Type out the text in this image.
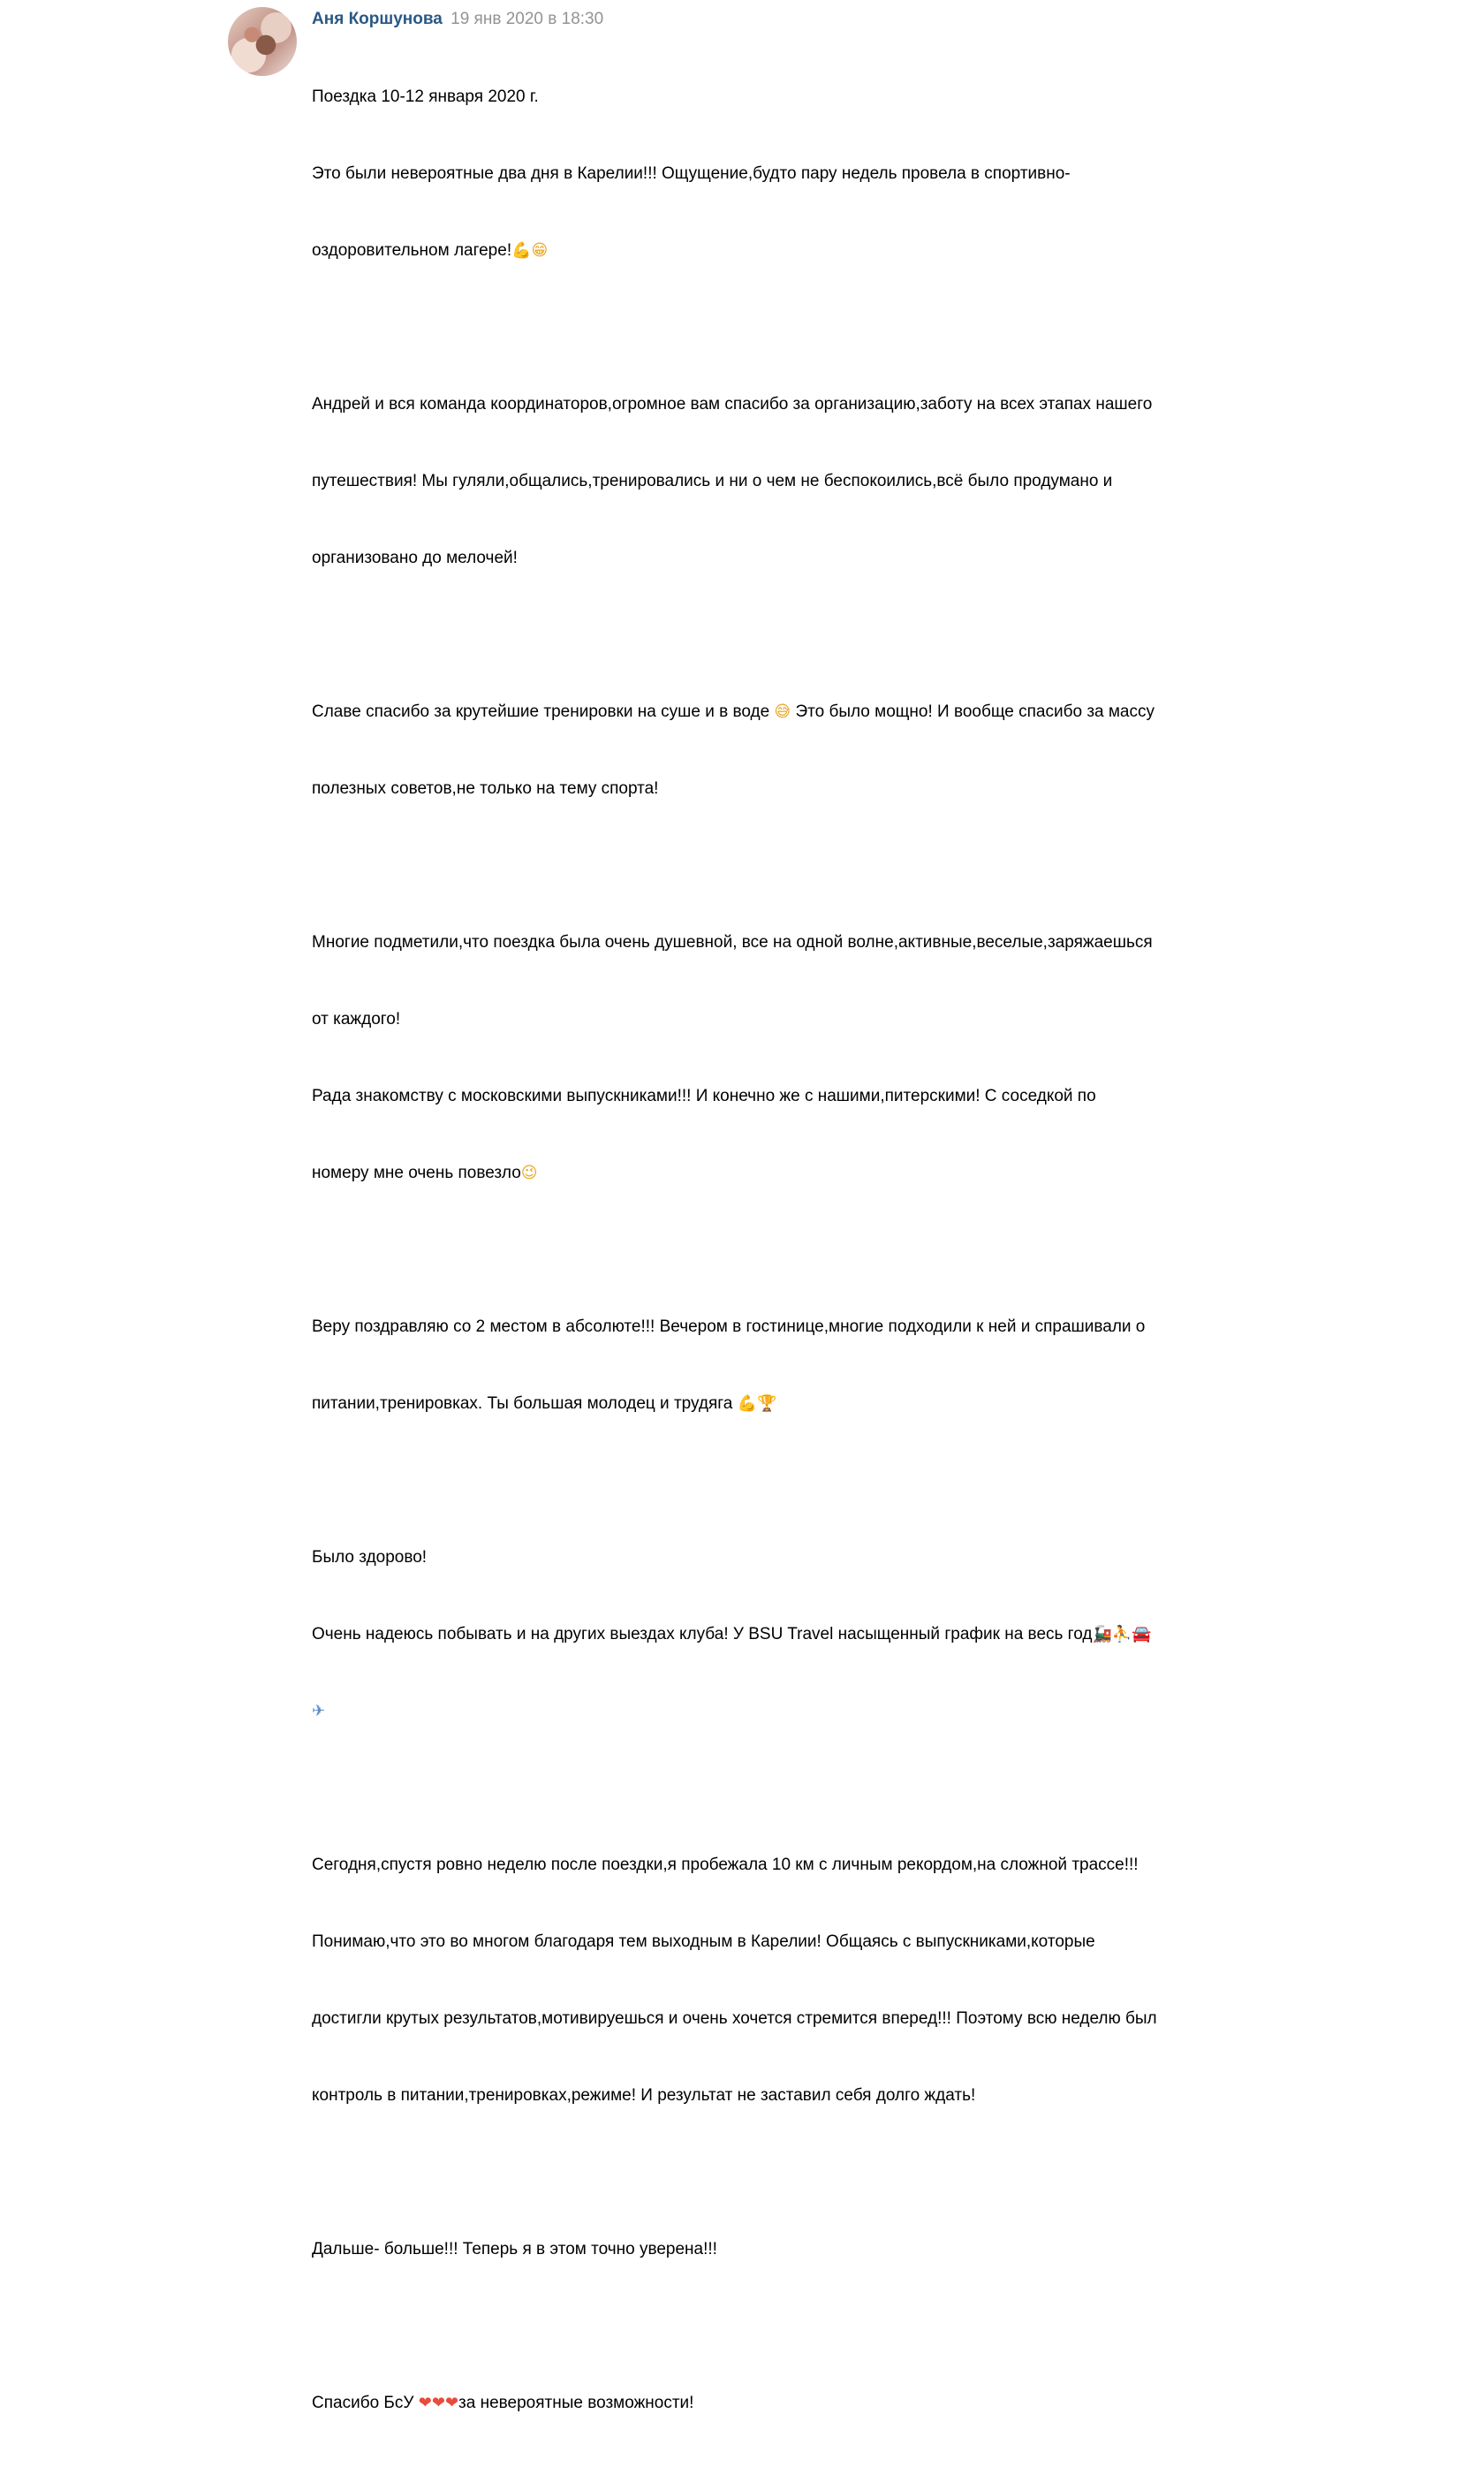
Аня Коршунова 19 янв 2020 в 18:30

Поездка 10-12 января 2020 г.

Это были невероятные два дня в Карелии!!! Ощущение,будто пару недель провела в спортивно-

оздоровительном лагере!💪😁

Андрей и вся команда координаторов,огромное вам спасибо за организацию,заботу на всех этапах нашего

путешествия! Мы гуляли,общались,тренировались и ни о чем не беспокоились,всё было продумано и

организовано до мелочей!

Славе спасибо за крутейшие тренировки на суше и в воде 😅 Это было мощно! И вообще спасибо за массу

полезных советов,не только на тему спорта!

Многие подметили,что поездка была очень душевной, все на одной волне,активные,веселые,заряжаешься

от каждого!

Рада знакомству с московскими выпускниками!!! И конечно же с нашими,питерскими! С соседкой по

номеру мне очень повезло😉

Веру поздравляю со 2 местом в абсолюте!!! Вечером в гостинице,многие подходили к ней и спрашивали о

питании,тренировках. Ты большая молодец и трудяга 💪🏆

Было здорово!

Очень надеюсь побывать и на других выездах клуба! У BSU Travel насыщенный график на весь год🚂⛹🚘

✈

Сегодня,спустя ровно неделю после поездки,я пробежала 10 км с личным рекордом,на сложной трассе!!!

Понимаю,что это во многом благодаря тем выходным в Карелии! Общаясь с выпускниками,которые

достигли крутых результатов,мотивируешься и очень хочется стремится вперед!!! Поэтому всю неделю был

контроль в питании,тренировках,режиме! И результат не заставил себя долго ждать!

Дальше- больше!!! Теперь я в этом точно уверена!!!

Спасибо БсУ ❤❤❤за невероятные возможности!
